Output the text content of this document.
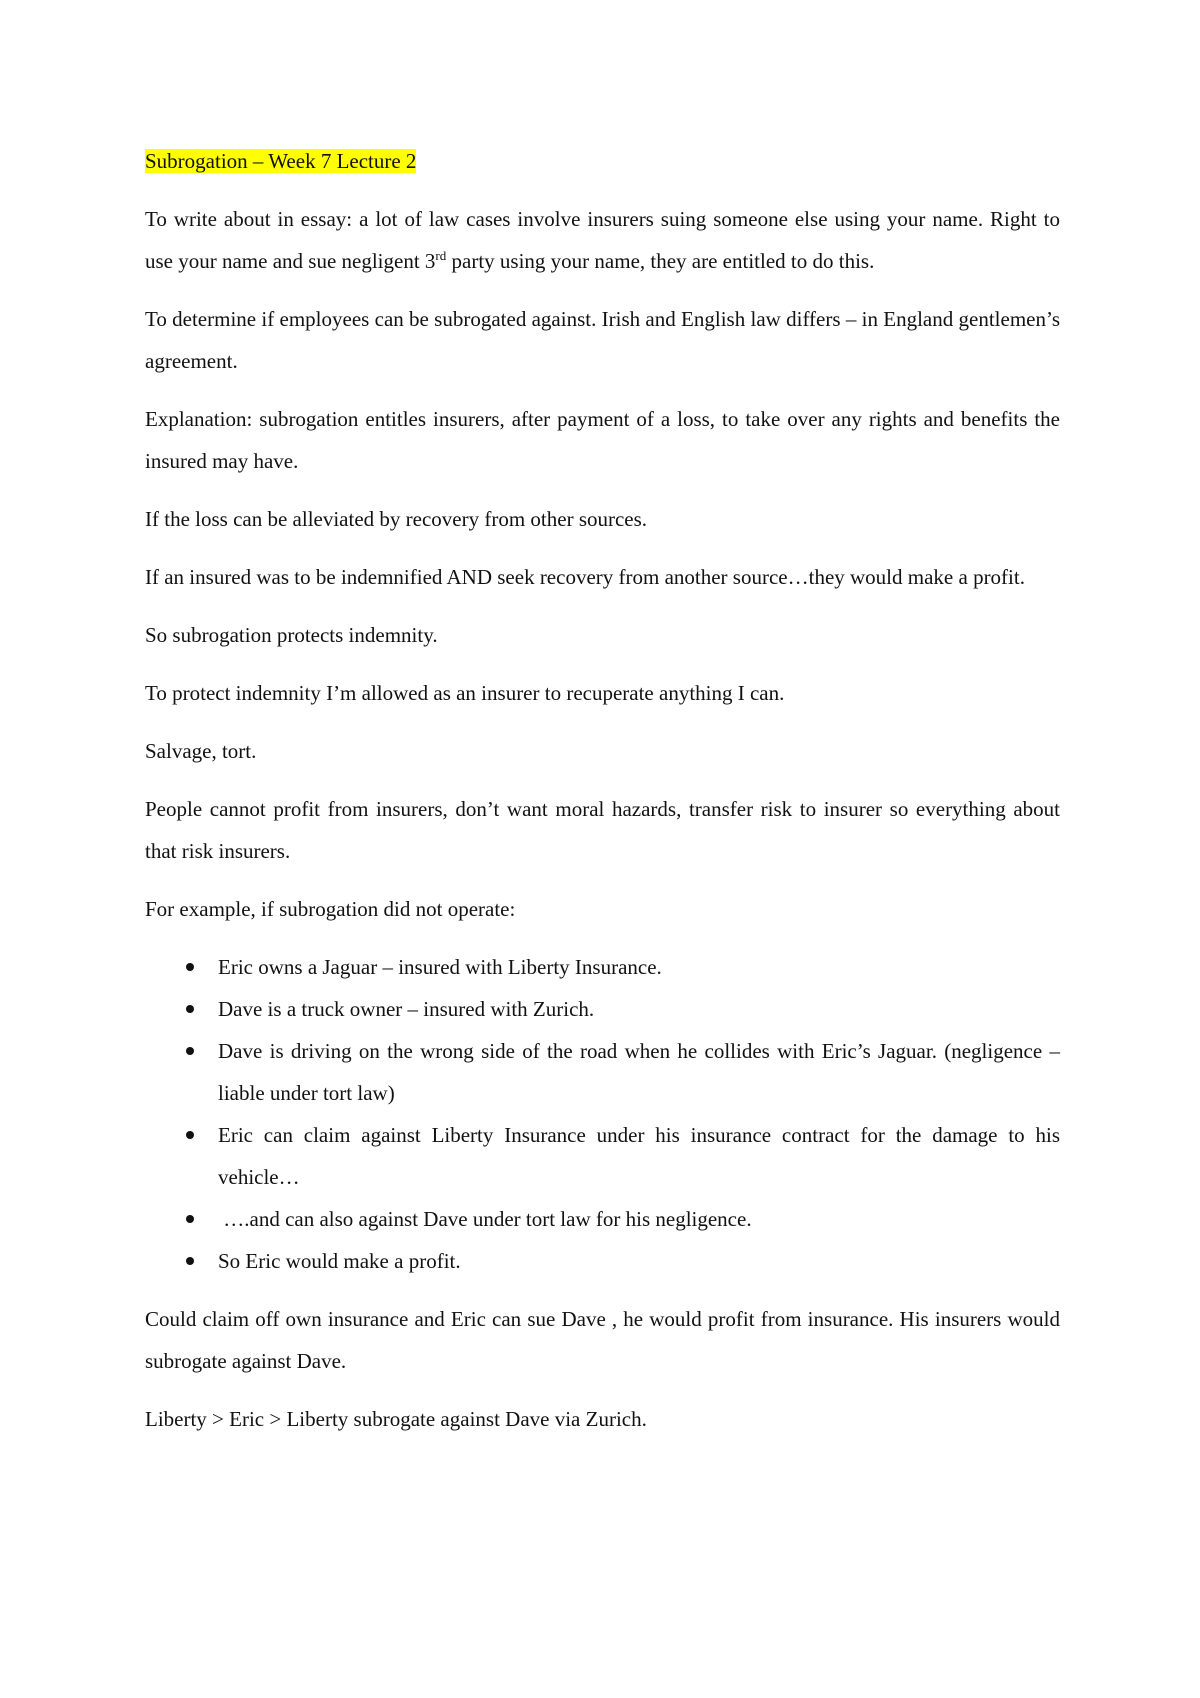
Subrogation – Week 7 Lecture 2

To write about in essay: a lot of law cases involve insurers suing someone else using your name. Right to use your name and sue negligent 3rd party using your name, they are entitled to do this.

To determine if employees can be subrogated against. Irish and English law differs – in England gentlemen’s agreement.

Explanation: subrogation entitles insurers, after payment of a loss, to take over any rights and benefits the insured may have.

If the loss can be alleviated by recovery from other sources.

If an insured was to be indemnified AND seek recovery from another source…they would make a profit.

So subrogation protects indemnity.

To protect indemnity I’m allowed as an insurer to recuperate anything I can.

Salvage, tort.

People cannot profit from insurers, don’t want moral hazards, transfer risk to insurer so everything about that risk insurers.

For example, if subrogation did not operate:

Eric owns a Jaguar – insured with Liberty Insurance.
Dave is a truck owner – insured with Zurich.
Dave is driving on the wrong side of the road when he collides with Eric’s Jaguar. (negligence – liable under tort law)
Eric can claim against Liberty Insurance under his insurance contract for the damage to his vehicle…
….and can also against Dave under tort law for his negligence.
So Eric would make a profit.

Could claim off own insurance and Eric can sue Dave , he would profit from insurance. His insurers would subrogate against Dave.

Liberty > Eric > Liberty subrogate against Dave via Zurich.
